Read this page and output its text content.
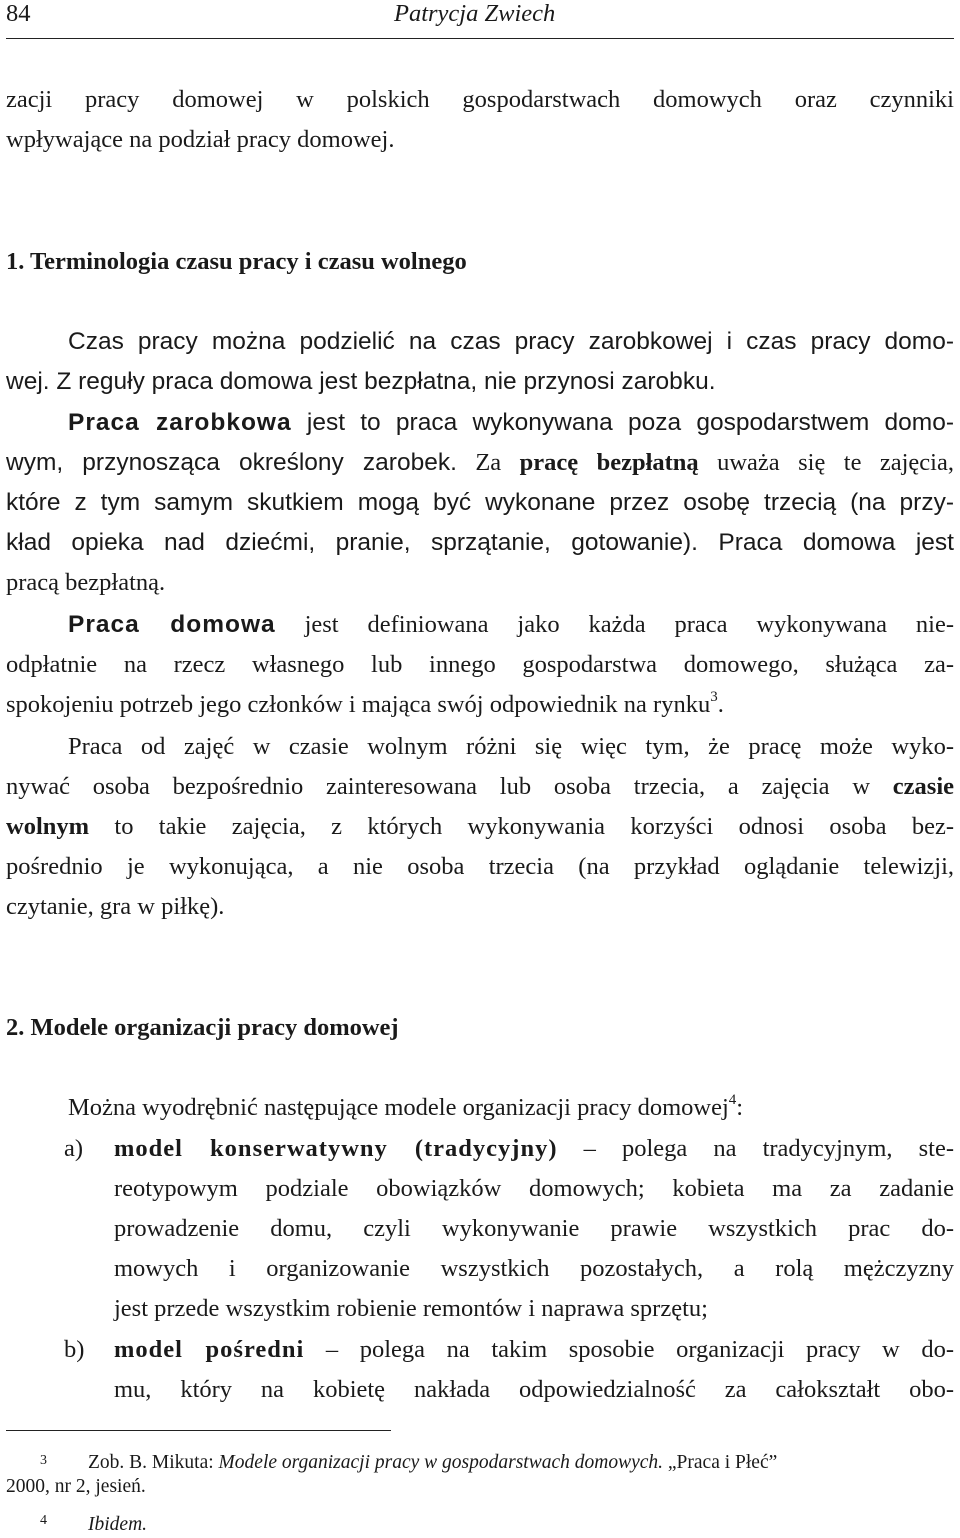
84	Patrycja Zwiech
zacji pracy domowej w polskich gospodarstwach domowych oraz czynniki
wpływające na podział pracy domowej.
1. Terminologia czasu pracy i czasu wolnego
Czas pracy można podzielić na czas pracy zarobkowej i czas pracy domo-
wej. Z reguły praca domowa jest bezpłatna, nie przynosi zarobku.
Praca zarobkowa jest to praca wykonywana poza gospodarstwem domo-
wym, przynosząca określony zarobek. Za pracę bezpłatną uważa się te zajęcia,
które z tym samym skutkiem mogą być wykonane przez osobę trzecią (na przy-
kład opieka nad dziećmi, pranie, sprzątanie, gotowanie). Praca domowa jest
pracą bezpłatną.
Praca domowa jest definiowana jako każda praca wykonywana nie-
odpłatnie na rzecz własnego lub innego gospodarstwa domowego, służąca za-
spokojeniu potrzeb jego członków i mająca swój odpowiednik na rynku$^3$.
Praca od zajęć w czasie wolnym różni się więc tym, że pracę może wyko-
nywać osoba bezpośrednio zainteresowana lub osoba trzecia, a zajęcia w czasie
wolnym to takie zajęcia, z których wykonywania korzyści odnosi osoba bez-
pośrednio je wykonująca, a nie osoba trzecia (na przykład oglądanie telewizji,
czytanie, gra w piłkę).
2. Modele organizacji pracy domowej
Można wyodrębnić następujące modele organizacji pracy domowej$^4$:
a) model konserwatywny (tradycyjny) – polega na tradycyjnym, ste-
reotypowym podziale obowiązków domowych; kobieta ma za zadanie
prowadzenie domu, czyli wykonywanie prawie wszystkich prac do-
mowych i organizowanie wszystkich pozostałych, a rolą mężczyzny
jest przede wszystkim robienie remontów i naprawa sprzętu;
b) model pośredni – polega na takim sposobie organizacji pracy w do-
mu, który na kobietę nakłada odpowiedzialność za całokształt obo-
3 Zob. B. Mikuta: Modele organizacji pracy w gospodarstwach domowych. „Praca i Płeć”
2000, nr 2, jesień.
4 Ibidem.
